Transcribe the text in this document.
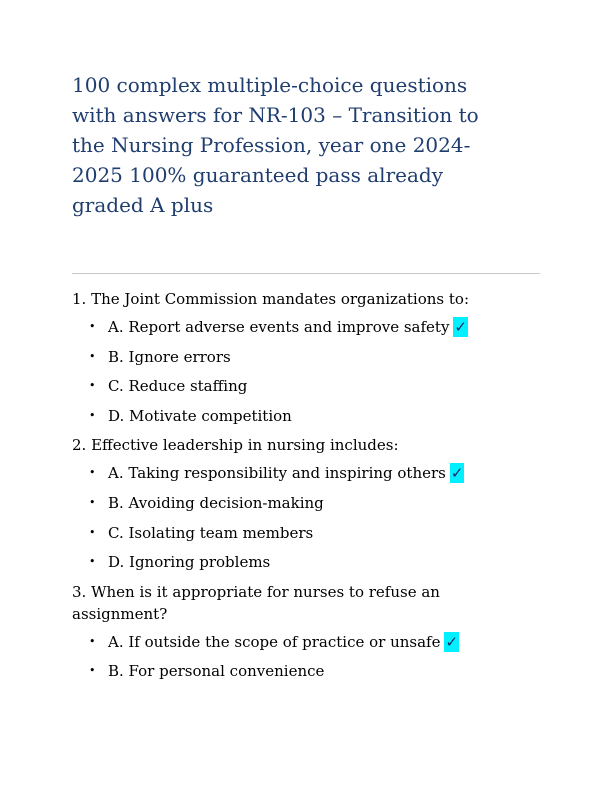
100 complex multiple-choice questions with answers for NR-103 – Transition to the Nursing Profession, year one 2024-2025 100% guaranteed pass already graded A plus

1. The Joint Commission mandates organizations to:

• A. Report adverse events and improve safety ✓
• B. Ignore errors
• C. Reduce staffing
• D. Motivate competition

2. Effective leadership in nursing includes:

• A. Taking responsibility and inspiring others ✓
• B. Avoiding decision-making
• C. Isolating team members
• D. Ignoring problems

3. When is it appropriate for nurses to refuse an assignment?

• A. If outside the scope of practice or unsafe ✓
• B. For personal convenience
